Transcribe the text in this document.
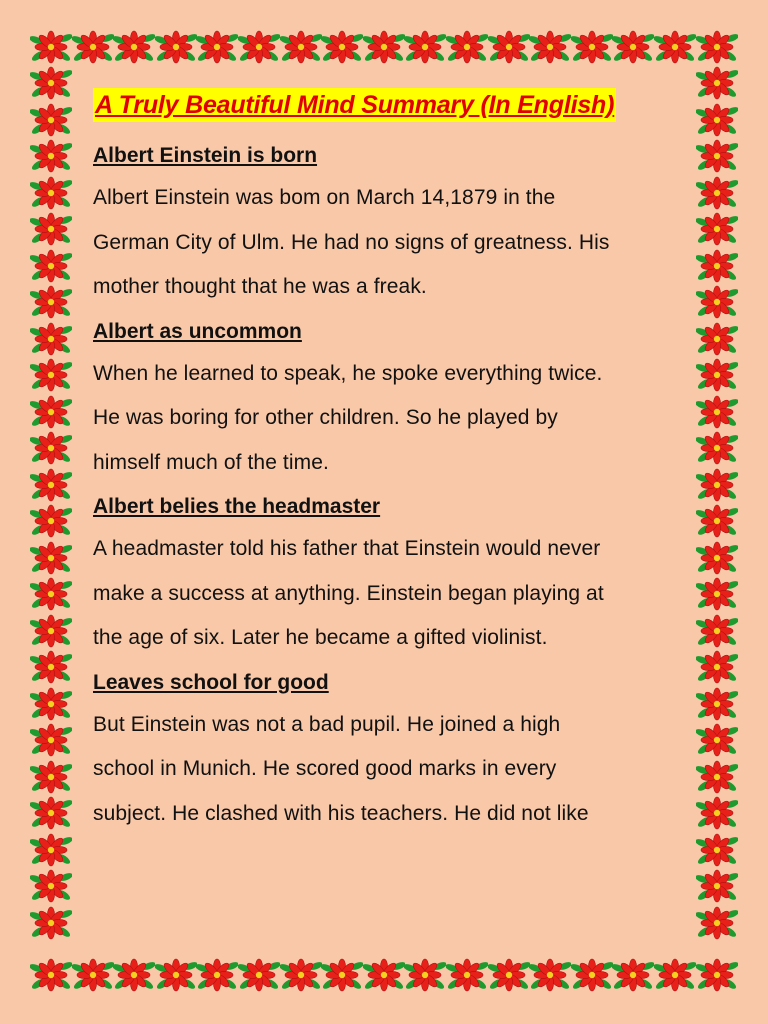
A Truly Beautiful Mind Summary (In English)
Albert Einstein is born

Albert Einstein was bom on March 14,1879 in the

German City of Ulm. He had no signs of greatness. His

mother thought that he was a freak.

Albert as uncommon

When he learned to speak, he spoke everything twice.

He was boring for other children. So he played by

himself much of the time.

Albert belies the headmaster

A headmaster told his father that Einstein would never

make a success at anything. Einstein began playing at

the age of six. Later he became a gifted violinist.

Leaves school for good

But Einstein was not a bad pupil. He joined a high

school in Munich. He scored good marks in every

subject. He clashed with his teachers. He did not like
